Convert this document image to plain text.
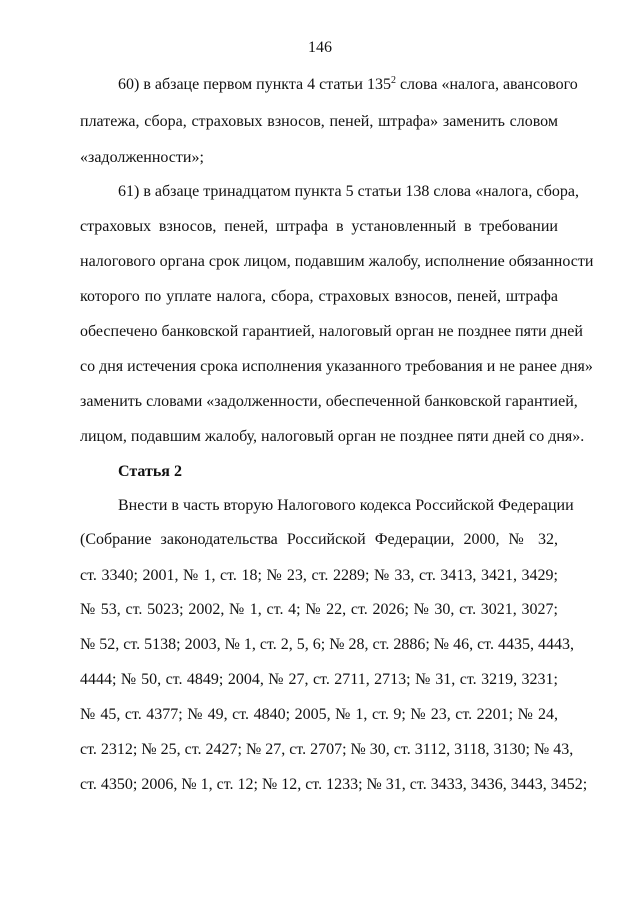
146
60) в абзаце первом пункта 4 статьи $135^2$ слова «налога, авансового
платежа, сбора, страховых взносов, пеней, штрафа» заменить словом
«задолженности»;
61) в абзаце тринадцатом пункта 5 статьи 138 слова «налога, сбора,
страховых взносов, пеней, штрафа в установленный в требовании
налогового органа срок лицом, подавшим жалобу, исполнение обязанности
которого по уплате налога, сбора, страховых взносов, пеней, штрафа
обеспечено банковской гарантией, налоговый орган не позднее пяти дней
со дня истечения срока исполнения указанного требования и не ранее дня»
заменить словами «задолженности, обеспеченной банковской гарантией,
лицом, подавшим жалобу, налоговый орган не позднее пяти дней со дня».
Статья 2
Внести в часть вторую Налогового кодекса Российской Федерации
(Собрание законодательства Российской Федерации, 2000, № 32,
ст. 3340; 2001, № 1, ст. 18; № 23, ст. 2289; № 33, ст. 3413, 3421, 3429;
№ 53, ст. 5023; 2002, № 1, ст. 4; № 22, ст. 2026; № 30, ст. 3021, 3027;
№ 52, ст. 5138; 2003, № 1, ст. 2, 5, 6; № 28, ст. 2886; № 46, ст. 4435, 4443,
4444; № 50, ст. 4849; 2004, № 27, ст. 2711, 2713; № 31, ст. 3219, 3231;
№ 45, ст. 4377; № 49, ст. 4840; 2005, № 1, ст. 9; № 23, ст. 2201; № 24,
ст. 2312; № 25, ст. 2427; № 27, ст. 2707; № 30, ст. 3112, 3118, 3130; № 43,
ст. 4350; 2006, № 1, ст. 12; № 12, ст. 1233; № 31, ст. 3433, 3436, 3443, 3452;
